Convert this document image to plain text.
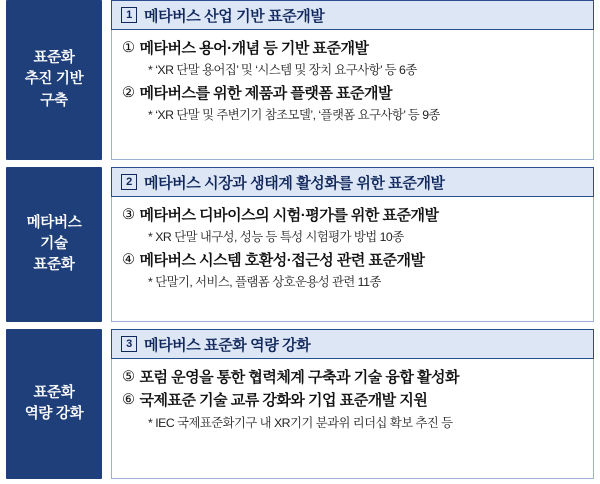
표준화
추진 기반
구축
1 메타버스 산업 기반 표준개발
① 메타버스 용어·개념 등 기반 표준개발
* ‘XR 단말 용어집’ 및 ‘시스템 및 장치 요구사항’ 등 6종
② 메타버스를 위한 제품과 플랫폼 표준개발
* ‘XR 단말 및 주변기기 참조모델’, ‘플랫폼 요구사항’ 등 9종
메타버스
기술
표준화
2 메타버스 시장과 생태계 활성화를 위한 표준개발
③ 메타버스 디바이스의 시험·평가를 위한 표준개발
* XR 단말 내구성, 성능 등 특성 시험평가 방법 10종
④ 메타버스 시스템 호환성·접근성 관련 표준개발
* 단말기, 서비스, 플램폼 상호운용성 관련 11종
표준화
역량 강화
3 메타버스 표준화 역량 강화
⑤ 포럼 운영을 통한 협력체계 구축과 기술 융합 활성화
⑥ 국제표준 기술 교류 강화와 기업 표준개발 지원
* IEC 국제표준화기구 내 XR기기 분과위 리더십 확보 추진 등
